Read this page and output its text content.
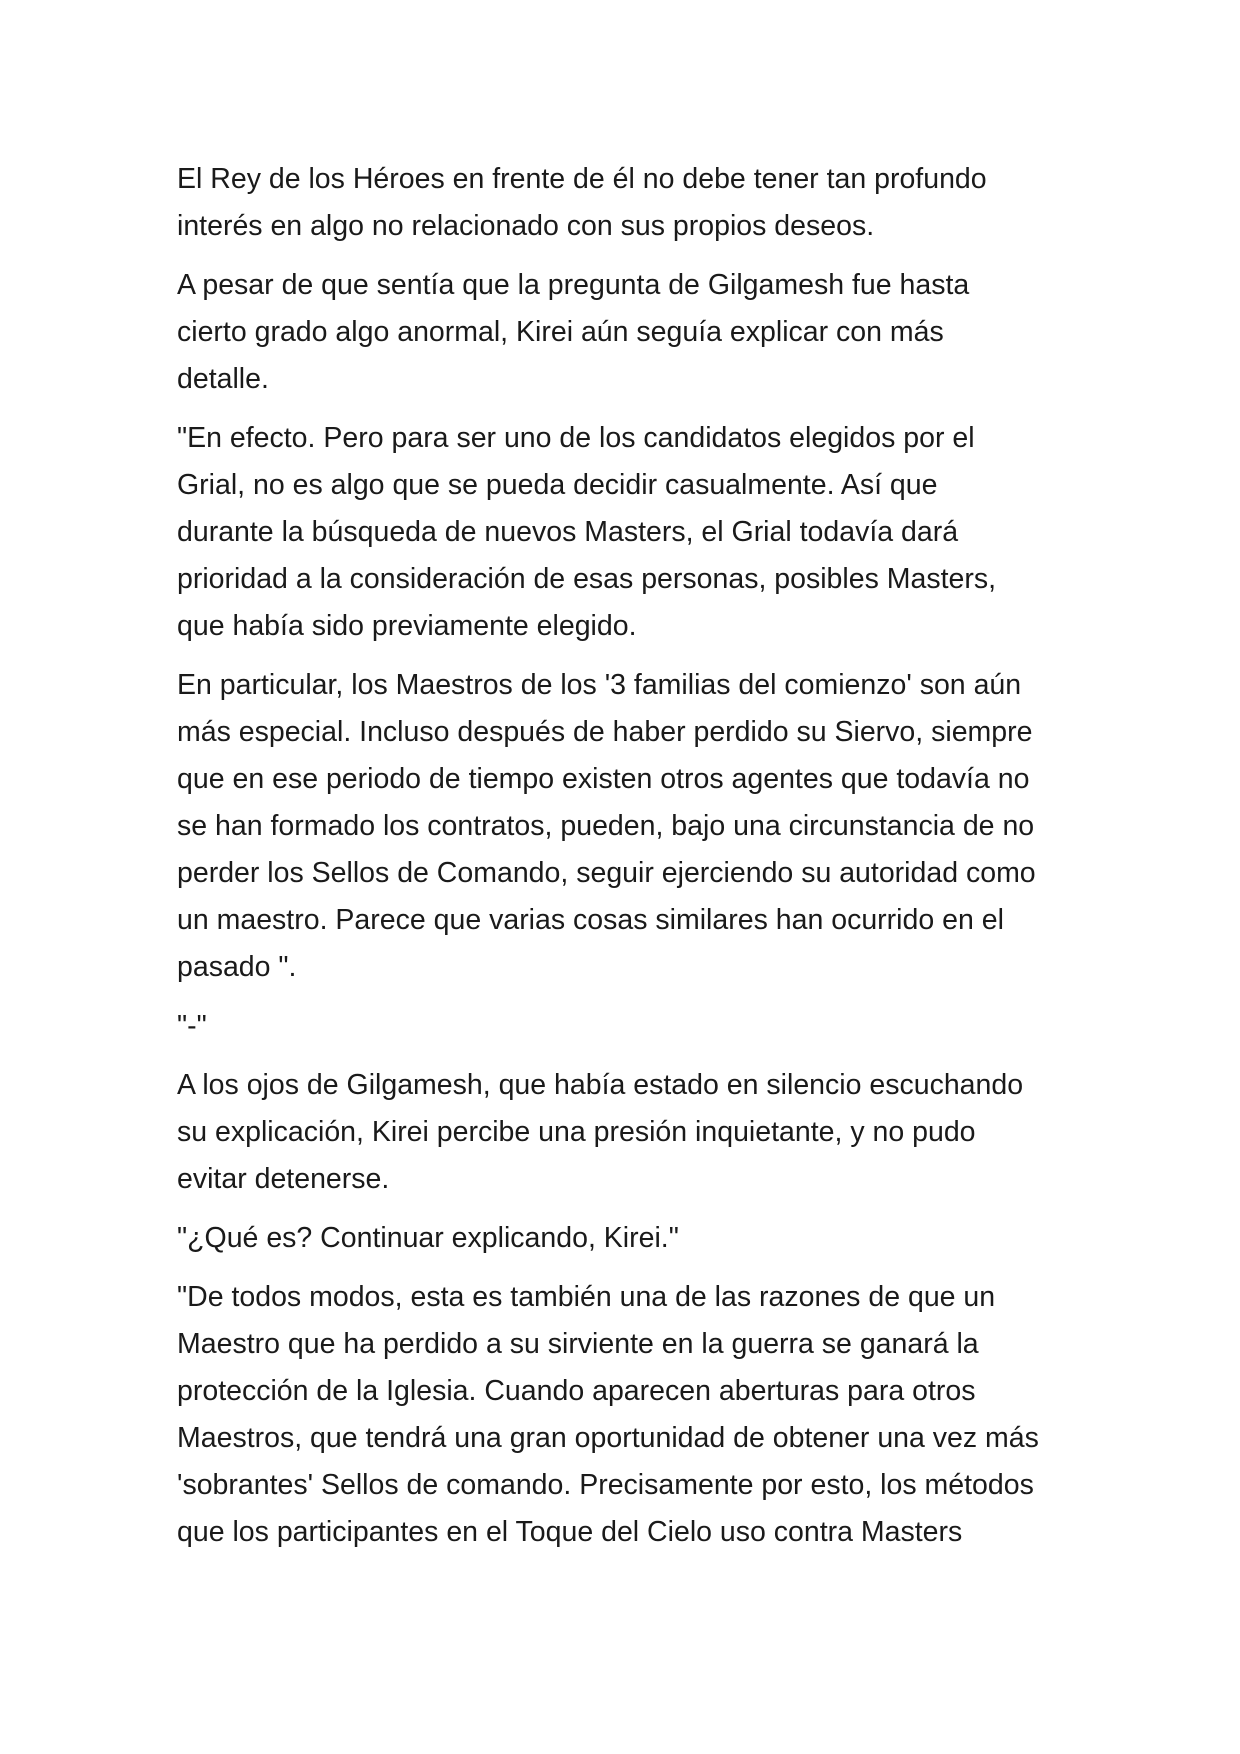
El Rey de los Héroes en frente de él no debe tener tan profundo
interés en algo no relacionado con sus propios deseos.

A pesar de que sentía que la pregunta de Gilgamesh fue hasta
cierto grado algo anormal, Kirei aún seguía explicar con más
detalle.

"En efecto. Pero para ser uno de los candidatos elegidos por el
Grial, no es algo que se pueda decidir casualmente. Así que
durante la búsqueda de nuevos Masters, el Grial todavía dará
prioridad a la consideración de esas personas, posibles Masters,
que había sido previamente elegido.

En particular, los Maestros de los '3 familias del comienzo' son aún
más especial. Incluso después de haber perdido su Siervo, siempre
que en ese periodo de tiempo existen otros agentes que todavía no
se han formado los contratos, pueden, bajo una circunstancia de no
perder los Sellos de Comando, seguir ejerciendo su autoridad como
un maestro. Parece que varias cosas similares han ocurrido en el
pasado ".

"-"

A los ojos de Gilgamesh, que había estado en silencio escuchando
su explicación, Kirei percibe una presión inquietante, y no pudo
evitar detenerse.

"¿Qué es? Continuar explicando, Kirei."

"De todos modos, esta es también una de las razones de que un
Maestro que ha perdido a su sirviente en la guerra se ganará la
protección de la Iglesia. Cuando aparecen aberturas para otros
Maestros, que tendrá una gran oportunidad de obtener una vez más
'sobrantes' Sellos de comando. Precisamente por esto, los métodos
que los participantes en el Toque del Cielo uso contra Masters
